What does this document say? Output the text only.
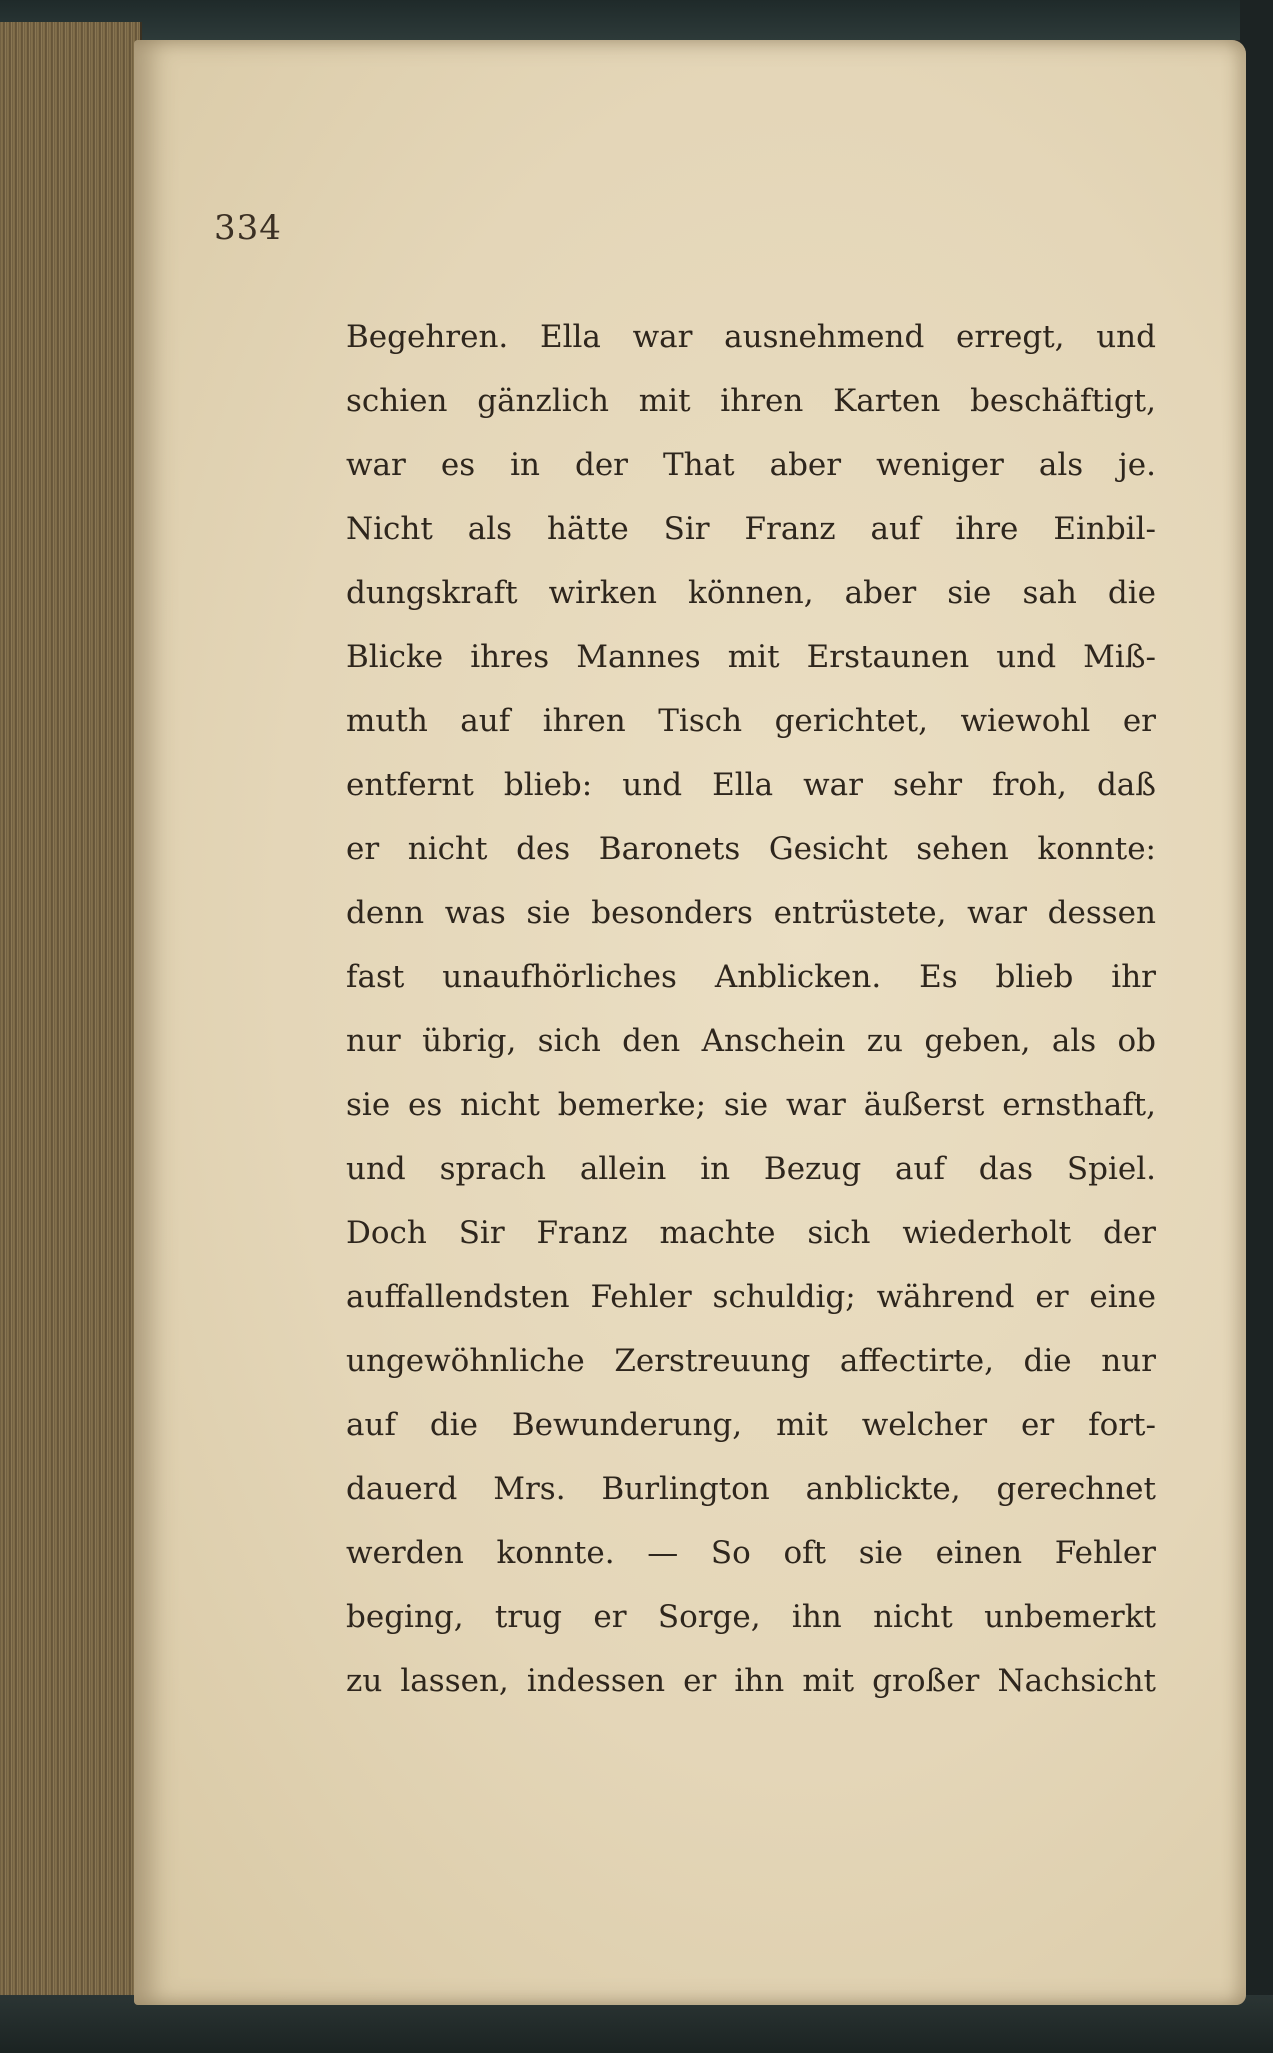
334
Begehren. Ella war ausnehmend erregt, und
schien gänzlich mit ihren Karten beschäftigt,
war es in der That aber weniger als je.
Nicht als hätte Sir Franz auf ihre Einbil-
dungskraft wirken können, aber sie sah die
Blicke ihres Mannes mit Erstaunen und Miß-
muth auf ihren Tisch gerichtet, wiewohl er
entfernt blieb: und Ella war sehr froh, daß
er nicht des Baronets Gesicht sehen konnte:
denn was sie besonders entrüstete, war dessen
fast unaufhörliches Anblicken. Es blieb ihr
nur übrig, sich den Anschein zu geben, als ob
sie es nicht bemerke; sie war äußerst ernsthaft,
und sprach allein in Bezug auf das Spiel.
Doch Sir Franz machte sich wiederholt der
auffallendsten Fehler schuldig; während er eine
ungewöhnliche Zerstreuung affectirte, die nur
auf die Bewunderung, mit welcher er fort-
dauerd Mrs. Burlington anblickte, gerechnet
werden konnte. — So oft sie einen Fehler
beging, trug er Sorge, ihn nicht unbemerkt
zu lassen, indessen er ihn mit großer Nachsicht
